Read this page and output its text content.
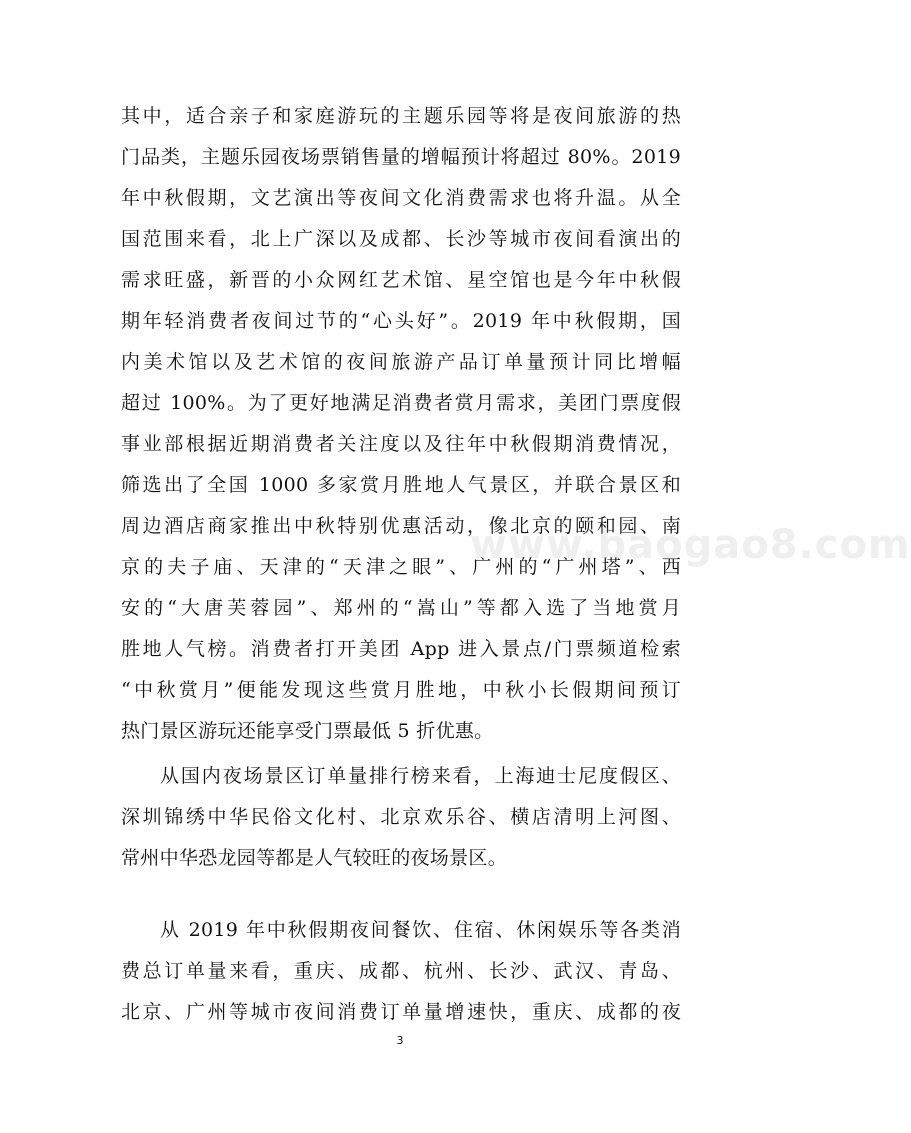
其中，适合亲子和家庭游玩的主题乐园等将是夜间旅游的热

门品类，主题乐园夜场票销售量的增幅预计将超过 80%。2019

年中秋假期，文艺演出等夜间文化消费需求也将升温。从全

国范围来看，北上广深以及成都、长沙等城市夜间看演出的

需求旺盛，新晋的小众网红艺术馆、星空馆也是今年中秋假

期年轻消费者夜间过节的“心头好”。2019 年中秋假期，国

内美术馆以及艺术馆的夜间旅游产品订单量预计同比增幅

超过 100%。为了更好地满足消费者赏月需求，美团门票度假

事业部根据近期消费者关注度以及往年中秋假期消费情况，

筛选出了全国 1000 多家赏月胜地人气景区，并联合景区和

周边酒店商家推出中秋特别优惠活动，像北京的颐和园、南

京的夫子庙、天津的“天津之眼”、广州的“广州塔”、西

安的“大唐芙蓉园”、郑州的“嵩山”等都入选了当地赏月

胜地人气榜。消费者打开美团 App 进入景点/门票频道检索

“中秋赏月”便能发现这些赏月胜地，中秋小长假期间预订

热门景区游玩还能享受门票最低 5 折优惠。

从国内夜场景区订单量排行榜来看，上海迪士尼度假区、

深圳锦绣中华民俗文化村、北京欢乐谷、横店清明上河图、

常州中华恐龙园等都是人气较旺的夜场景区。

从 2019 年中秋假期夜间餐饮、住宿、休闲娱乐等各类消

费总订单量来看，重庆、成都、杭州、长沙、武汉、青岛、

北京、广州等城市夜间消费订单量增速快，重庆、成都的夜

www.baogao8.com
3
